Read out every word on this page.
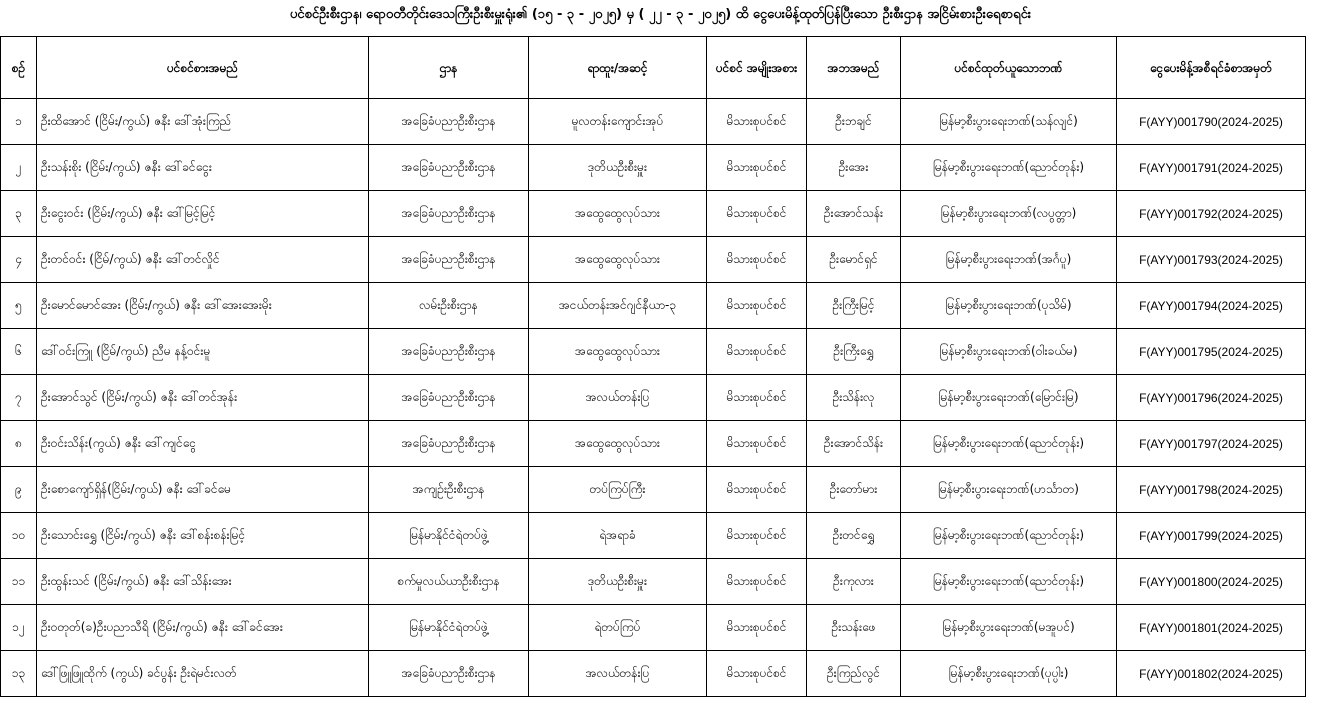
ပင်စင်ဦးစီးဌာန၊ ရော၀တီတိုင်းဒေသကြီးဦးစီးမှူးရုံး၏ (၁၅ - ၃ - ၂၀၂၅) မှ ( ၂၂ - ၃ - ၂၀၂၅) ထိ ငွေပေးမိန့်ထုတ်ပြန်ပြီးသော ဦးစီးဌာန အငြိမ်းစားဦးရေစာရင်း
စဉ်	ပင်စင်စားအမည်	ဌာန	ရာထူး/အဆင့်	ပင်စင် အမျိုးအစား	အဘအမည်	ပင်စင်ထုတ်ယူသောဘဏ်	ငွေပေးမိန့်အစီရင်ခံစာအမှတ်
၁	ဦးထိအောင် (ငြိမ်း/ကွယ်) ဇနီး ဒေါ်အုံးကြည်	အခြေခံပညာဦးစီးဌာန	မူလတန်းကျောင်းအုပ်	မိသားစုပင်စင်	ဦးဘချင်	မြန်မာ့စီးပွားရေးဘဏ်(သန်လျင်)	F(AYY)001790(2024-2025)
၂	ဦးသန်းစိုး (ငြိမ်း/ကွယ်) ဇနီး ဒေါ်ခင်ငွေး	အခြေခံပညာဦးစီးဌာန	ဒုတိယဦးစီးမှူး	မိသားစုပင်စင်	ဦးအေး	မြန်မာ့စီးပွားရေးဘဏ်(ညောင်တုန်း)	F(AYY)001791(2024-2025)
၃	ဦးငွေးဝင်း (ငြိမ်း/ကွယ်) ဇနီး ဒေါ်မြင့်မြင့်	အခြေခံပညာဦးစီးဌာန	အထွေထွေလုပ်သား	မိသားစုပင်စင်	ဦးအောင်သန်း	မြန်မာ့စီးပွားရေးဘဏ်(လပွတ္တာ)	F(AYY)001792(2024-2025)
၄	ဦးတင်ဝင်း (ငြိမ်/ကွယ်) ဇနီး ဒေါ်တင်လှိုင်	အခြေခံပညာဦးစီးဌာန	အထွေထွေလုပ်သား	မိသားစုပင်စင်	ဦးမောင်ရှင်	မြန်မာ့စီးပွားရေးဘဏ်(အင်္ဂပူ)	F(AYY)001793(2024-2025)
၅	ဦးမောင်မောင်အေး (ငြိမ်း/ကွယ်) ဇနီး ဒေါ်အေးအေးမိုး	လမ်းဦးစီးဌာန	အငယ်တန်းအင်ဂျင်နီယာ-၃	မိသားစုပင်စင်	ဦးကြီးမြင့်	မြန်မာ့စီးပွားရေးဘဏ်(ပုသိမ်)	F(AYY)001794(2024-2025)
၆	ဒေါ်ဝင်းကြူ (ငြိမ်/ကွယ်) ညီမ နန့်ဝင်းမူ	အခြေခံပညာဦးစီးဌာန	အထွေထွေလုပ်သား	မိသားစုပင်စင်	ဦးကြီးရွှေ	မြန်မာ့စီးပွားရေးဘဏ်(ဝါးခယ်မ)	F(AYY)001795(2024-2025)
၇	ဦးအောင်သွင် (ငြိမ်း/ကွယ်) ဇနီး ဒေါ်တင်အုန်း	အခြေခံပညာဦးစီးဌာန	အလယ်တန်းပြ	မိသားစုပင်စင်	ဦးသိန်းလု	မြန်မာ့စီးပွားရေးဘဏ်(မြောင်းမြ)	F(AYY)001796(2024-2025)
၈	ဦးဝင်းသိန်း(ကွယ်) ဇနီး ဒေါ်ကျင်ငွေ	အခြေခံပညာဦးစီးဌာန	အထွေထွေလုပ်သား	မိသားစုပင်စင်	ဦးအောင်သိန်း	မြန်မာ့စီးပွားရေးဘဏ်(ညောင်တုန်း)	F(AYY)001797(2024-2025)
၉	ဦးစောကျော်ရှိန်(ငြိမ်း/ကွယ်) ဇနီး ဒေါ်ခင်မေ	အကျဉ်းဦးစီးဌာန	တပ်ကြပ်ကြီး	မိသားစုပင်စင်	ဦးတော်မား	မြန်မာ့စီးပွားရေးဘဏ်(ဟင်္သာတ)	F(AYY)001798(2024-2025)
၁၀	ဦးသောင်းရွှေ (ငြိမ်း/ကွယ်) ဇနီး ဒေါ်စန်းစန်းမြင့်	မြန်မာနိုင်ငံရဲတပ်ဖွဲ့	ရဲအရာခံ	မိသားစုပင်စင်	ဦးတင်ရွှေ	မြန်မာ့စီးပွားရေးဘဏ်(ညောင်တုန်း)	F(AYY)001799(2024-2025)
၁၁	ဦးထွန်းသင် (ငြိမ်း/ကွယ်) ဇနီး ဒေါ်သိန်းအေး	စက်မှုလယ်ယာဦးစီးဌာန	ဒုတိယဦးစီးမှူး	မိသားစုပင်စင်	ဦးကုလား	မြန်မာ့စီးပွားရေးဘဏ်(ညောင်တုန်း)	F(AYY)001800(2024-2025)
၁၂	ဦးဝတုတ်(ခ)ဦးပညာသီရိ (ငြိမ်း/ကွယ်) ဇနီး ဒေါ်ခင်အေး	မြန်မာနိုင်ငံရဲတပ်ဖွဲ့	ရဲတပ်ကြပ်	မိသားစုပင်စင်	ဦးသန်းဖေ	မြန်မာ့စီးပွားရေးဘဏ်(မအူပင်)	F(AYY)001801(2024-2025)
၁၃	ဒေါ်ဖြူဖြူထိုက် (ကွယ်) ခင်ပွန်း ဦးရဲမင်းလတ်	အခြေခံပညာဦးစီးဌာန	အလယ်တန်းပြ	မိသားစုပင်စင်	ဦးကြည်လွင်	မြန်မာ့စီးပွားရေးဘဏ်(ပုပ္ပါး)	F(AYY)001802(2024-2025)
